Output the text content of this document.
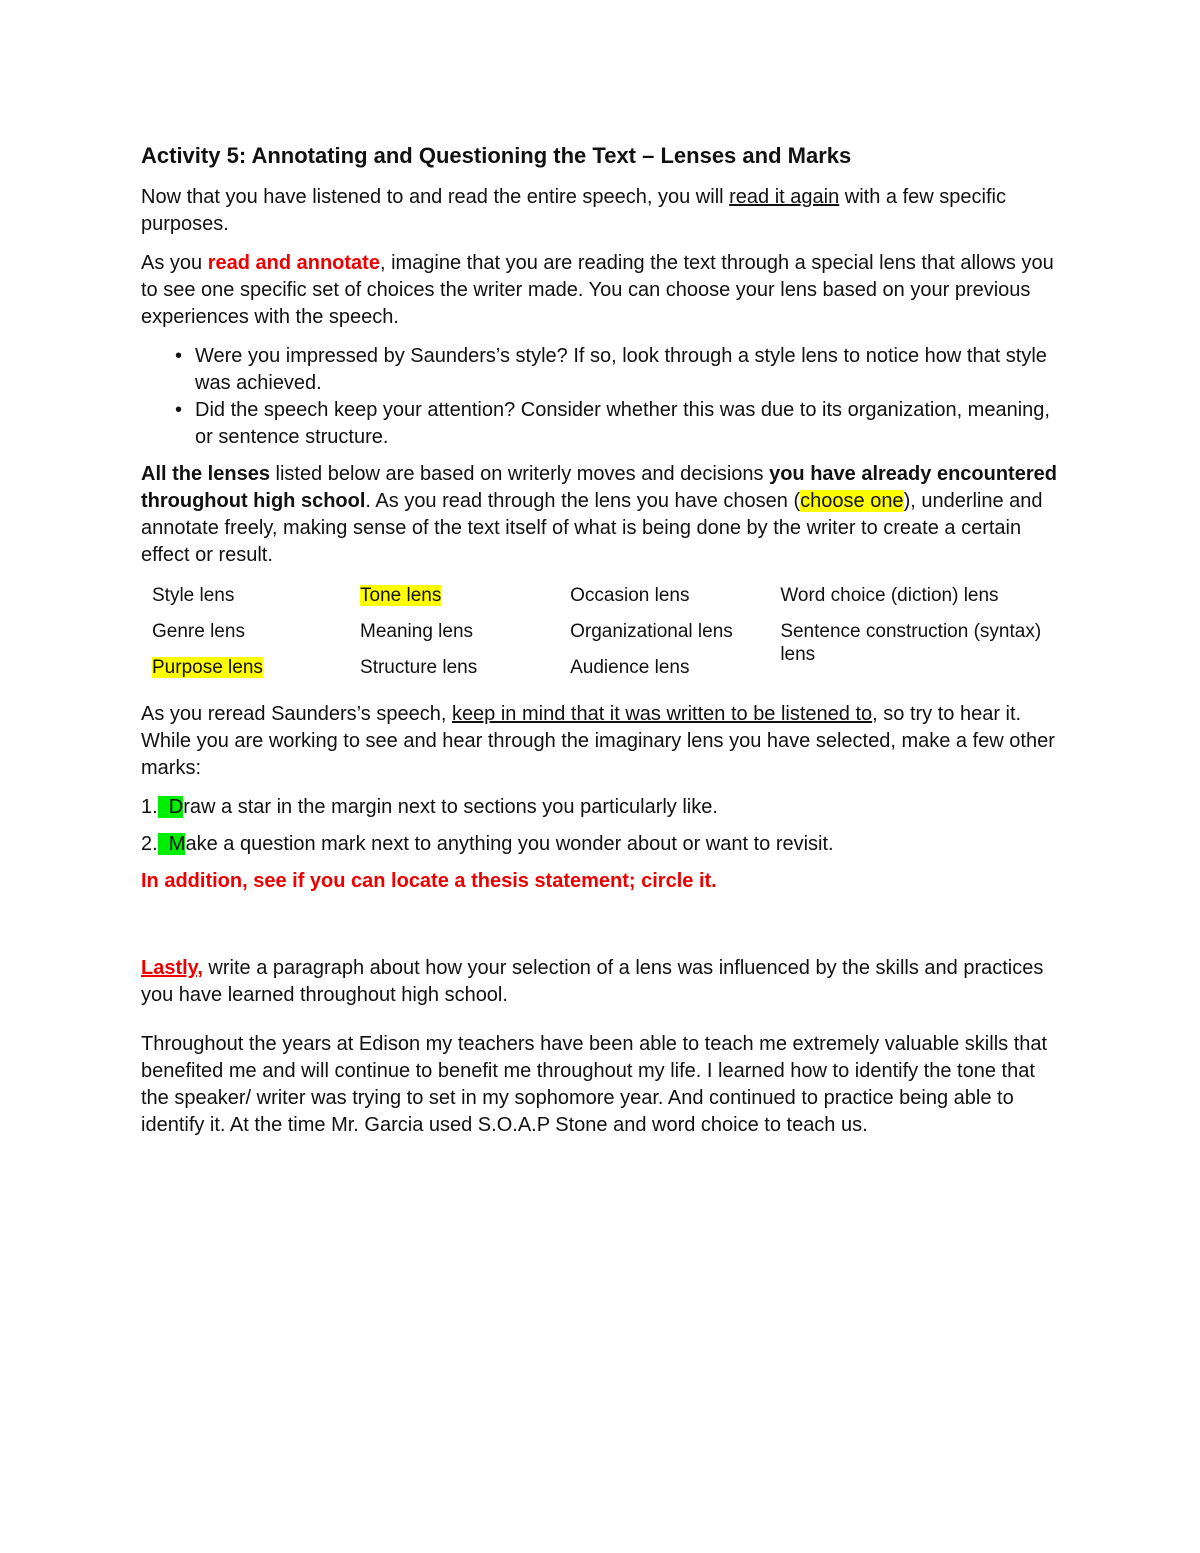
Activity 5: Annotating and Questioning the Text – Lenses and Marks

Now that you have listened to and read the entire speech, you will read it again with a few specific purposes.

As you read and annotate, imagine that you are reading the text through a special lens that allows you to see one specific set of choices the writer made. You can choose your lens based on your previous experiences with the speech.

• Were you impressed by Saunders’s style? If so, look through a style lens to notice how that style was achieved.
• Did the speech keep your attention? Consider whether this was due to its organization, meaning, or sentence structure.

All the lenses listed below are based on writerly moves and decisions you have already encountered throughout high school. As you read through the lens you have chosen (choose one), underline and annotate freely, making sense of the text itself of what is being done by the writer to create a certain effect or result.

Style lens	Tone lens	Occasion lens	Word choice (diction) lens
Genre lens	Meaning lens	Organizational lens	Sentence construction (syntax) lens
Purpose lens	Structure lens	Audience lens	

As you reread Saunders’s speech, keep in mind that it was written to be listened to, so try to hear it. While you are working to see and hear through the imaginary lens you have selected, make a few other marks:

1.  Draw a star in the margin next to sections you particularly like.
2.  Make a question mark next to anything you wonder about or want to revisit.

In addition, see if you can locate a thesis statement; circle it.

Lastly, write a paragraph about how your selection of a lens was influenced by the skills and practices you have learned throughout high school.

Throughout the years at Edison my teachers have been able to teach me extremely valuable skills that benefited me and will continue to benefit me throughout my life. I learned how to identify the tone that the speaker/ writer was trying to set in my sophomore year. And continued to practice being able to identify it. At the time Mr. Garcia used S.O.A.P Stone and word choice to teach us.
